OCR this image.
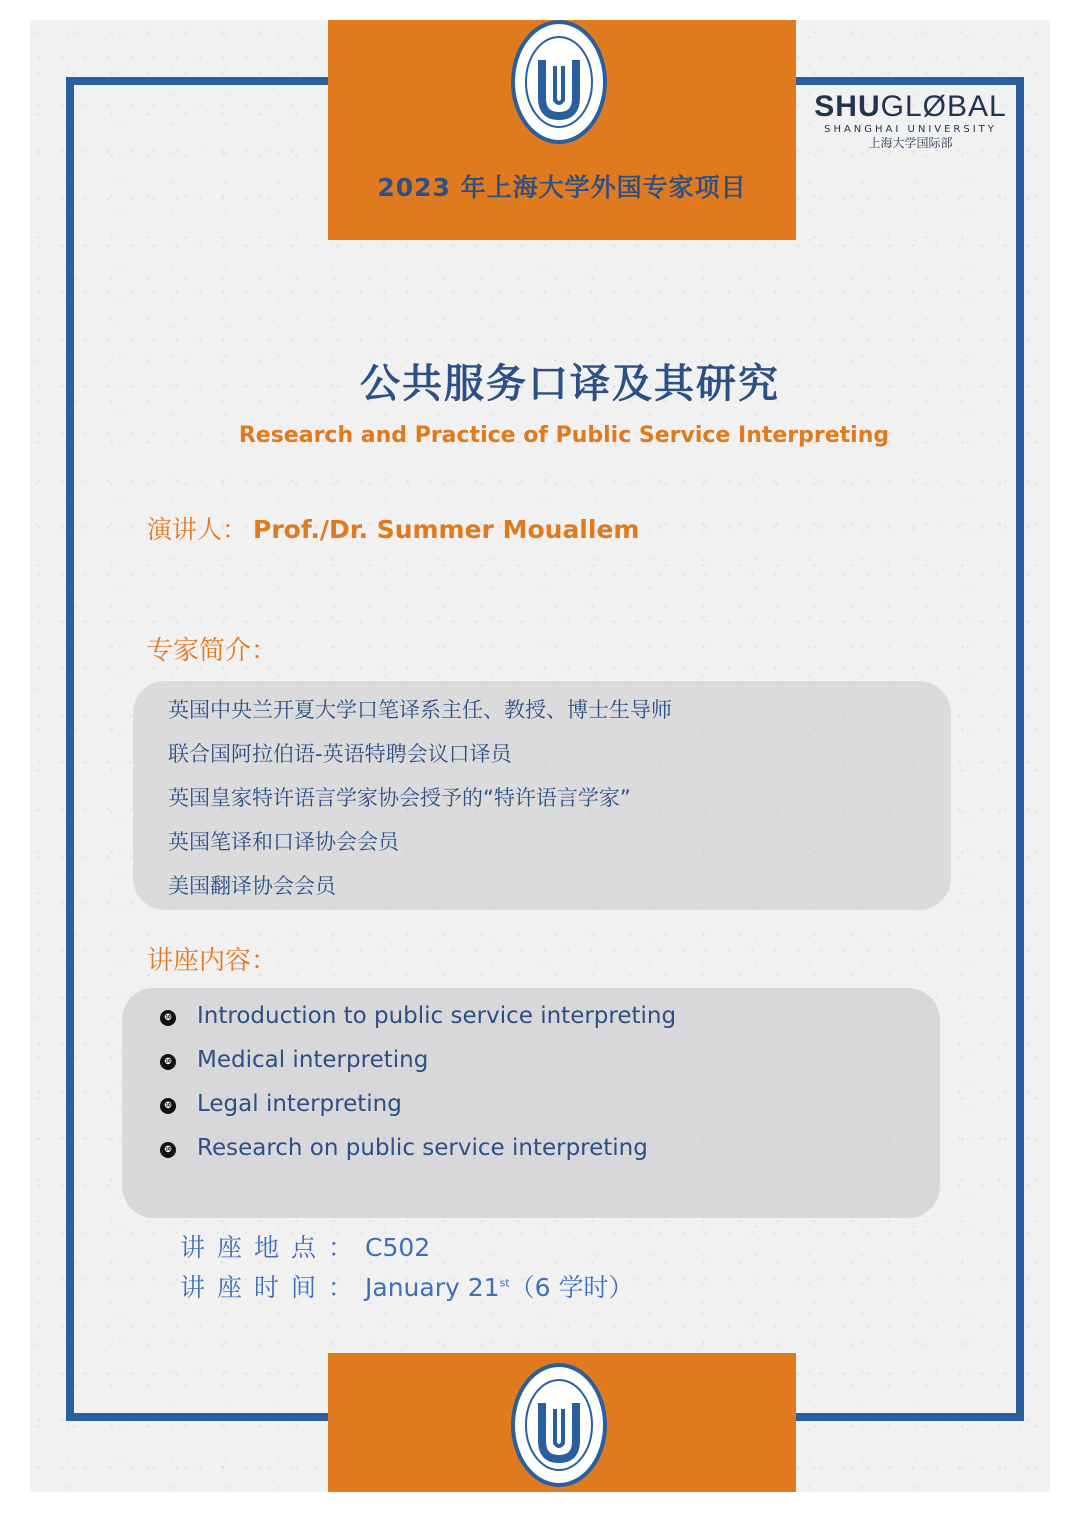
2023 年上海大学外国专家项目
SHUGLØBAL
SHANGHAI UNIVERSITY
上海大学国际部
公共服务口译及其研究
Research and Practice of Public Service Interpreting
演讲人： Prof./Dr. Summer Mouallem
专家简介：
英国中央兰开夏大学口笔译系主任、教授、博士生导师
联合国阿拉伯语-英语特聘会议口译员
英国皇家特许语言学家协会授予的“特许语言学家”
英国笔译和口译协会会员
美国翻译协会会员
讲座内容：
❿ Introduction to public service interpreting
❿ Medical interpreting
❿ Legal interpreting
❿ Research on public service interpreting
讲座地点：C502
讲座时间：January 21st（6 学时）
